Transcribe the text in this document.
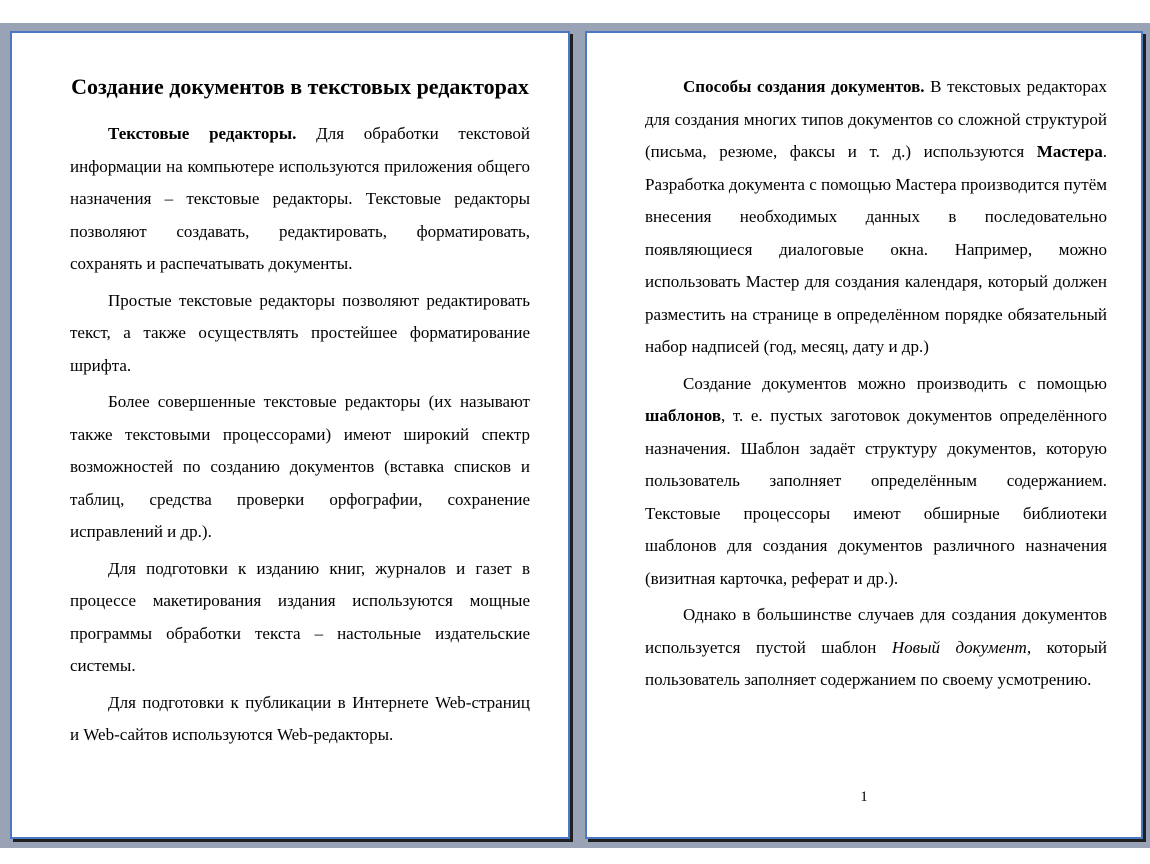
Создание документов в текстовых редакторах

Текстовые редакторы. Для обработки текстовой информации на компьютере используются приложения общего назначения – текстовые редакторы. Текстовые редакторы позволяют создавать, редактировать, форматировать, сохранять и распечатывать документы.

Простые текстовые редакторы позволяют редактировать текст, а также осуществлять простейшее форматирование шрифта.

Более совершенные текстовые редакторы (их называют также текстовыми процессорами) имеют широкий спектр возможностей по созданию документов (вставка списков и таблиц, средства проверки орфографии, сохранение исправлений и др.).

Для подготовки к изданию книг, журналов и газет в процессе макетирования издания используются мощные программы обработки текста – настольные издательские системы.

Для подготовки к публикации в Интернете Web-страниц и Web-сайтов используются Web-редакторы.

Способы создания документов. В текстовых редакторах для создания многих типов документов со сложной структурой (письма, резюме, факсы и т. д.) используются Мастера. Разработка документа с помощью Мастера производится путём внесения необходимых данных в последовательно появляющиеся диалоговые окна. Например, можно использовать Мастер для создания календаря, который должен разместить на странице в определённом порядке обязательный набор надписей (год, месяц, дату и др.)

Создание документов можно производить с помощью шаблонов, т. е. пустых заготовок документов определённого назначения. Шаблон задаёт структуру документов, которую пользователь заполняет определённым содержанием. Текстовые процессоры имеют обширные библиотеки шаблонов для создания документов различного назначения (визитная карточка, реферат и др.).

Однако в большинстве случаев для создания документов используется пустой шаблон Новый документ, который пользователь заполняет содержанием по своему усмотрению.

1
